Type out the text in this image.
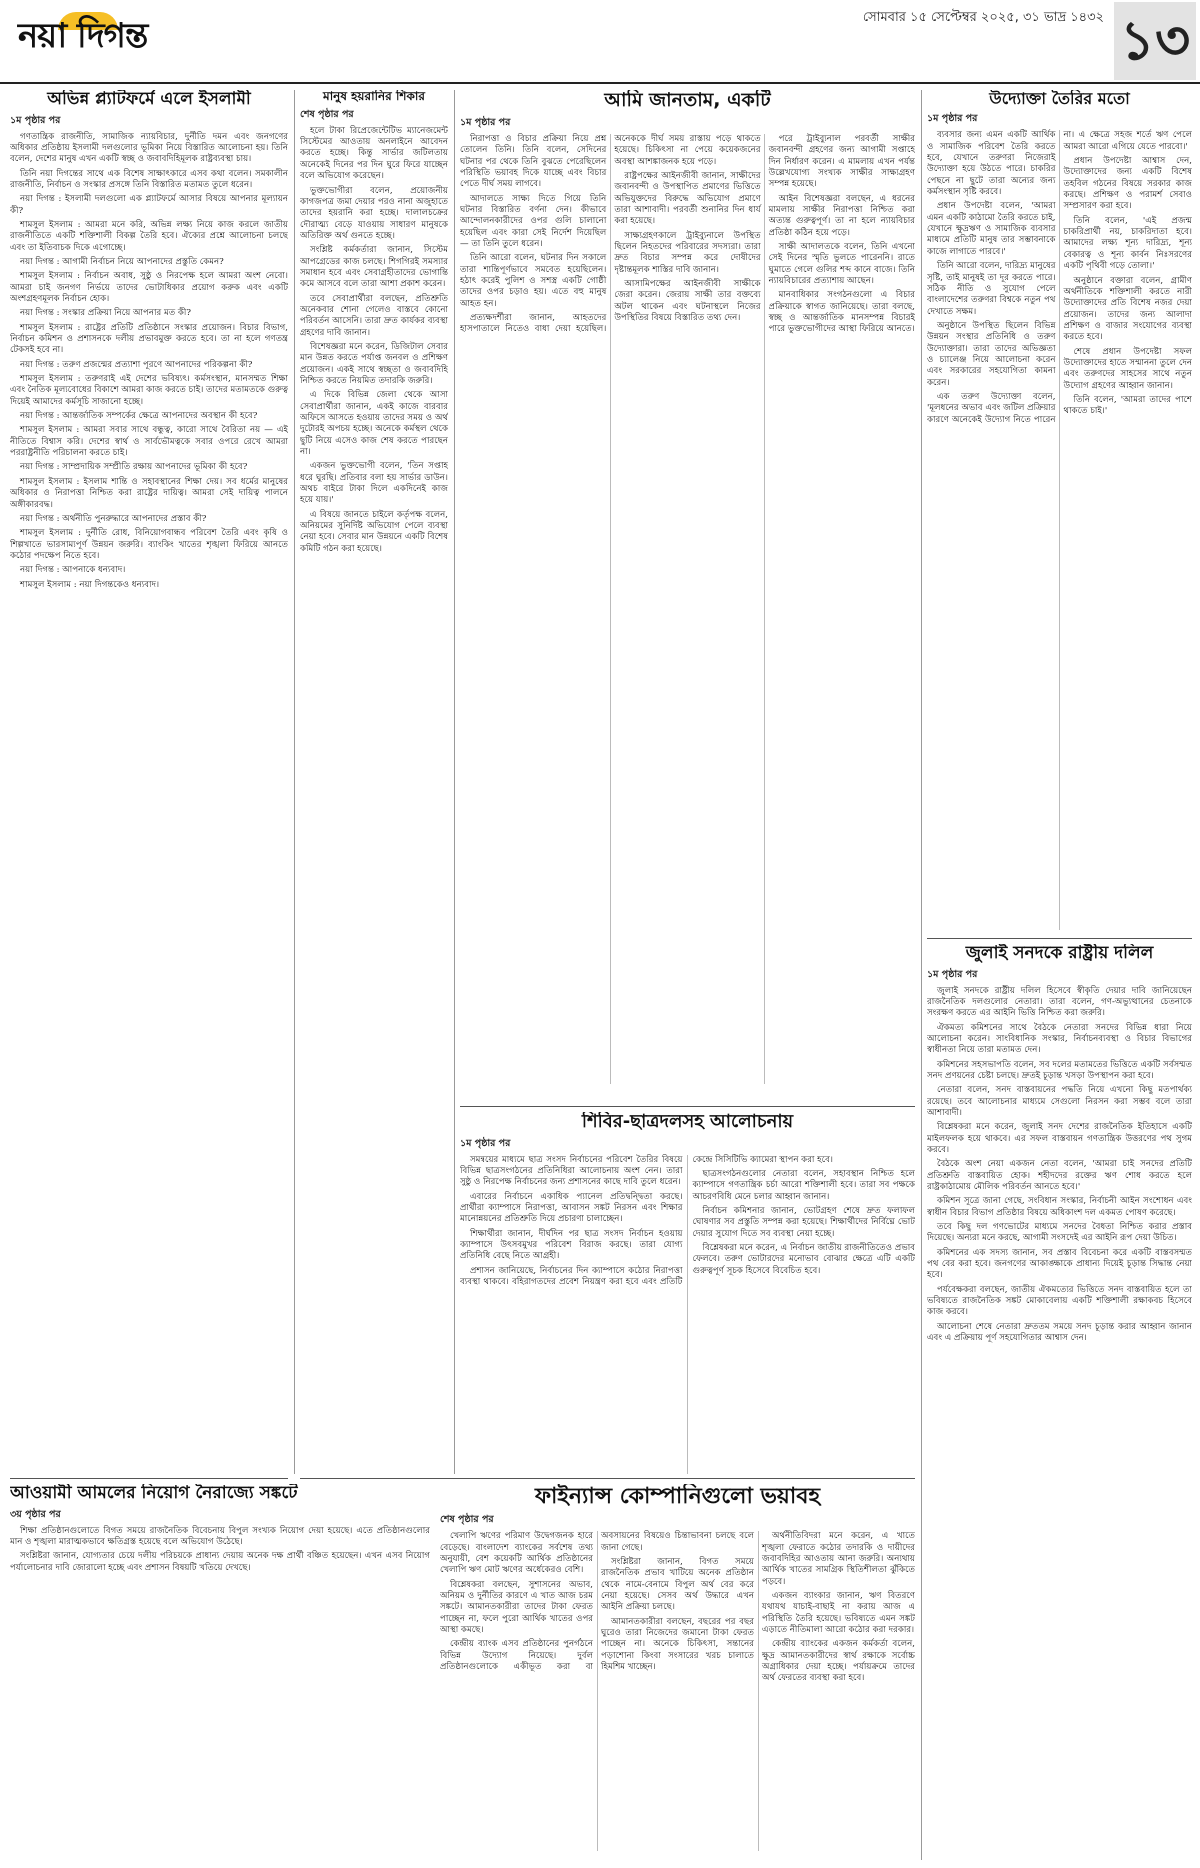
নয়া দিগন্ত	সোমবার ১৫ সেপ্টেম্বর ২০২৫, ৩১ ভাদ্র ১৪৩২ ১৩
অভিন্ন প্ল্যাটফর্মে এলে ইসলামী
১ম পৃষ্ঠার পর

গণতান্ত্রিক রাজনীতি, সামাজিক ন্যায়বিচার, দুর্নীতি দমন এবং জনগণের অধিকার প্রতিষ্ঠায় ইসলামী দলগুলোর ভূমিকা নিয়ে বিস্তারিত আলোচনা হয়। তিনি বলেন, দেশের মানুষ এখন একটি স্বচ্ছ ও জবাবদিহিমূলক রাষ্ট্রব্যবস্থা চায়।

তিনি নয়া দিগন্তের সাথে এক বিশেষ সাক্ষাৎকারে এসব কথা বলেন। সমকালীন রাজনীতি, নির্বাচন ও সংস্কার প্রসঙ্গে তিনি বিস্তারিত মতামত তুলে ধরেন।

নয়া দিগন্ত : ইসলামী দলগুলো এক প্ল্যাটফর্মে আসার বিষয়ে আপনার মূল্যায়ন কী?

শামসুল ইসলাম : আমরা মনে করি, অভিন্ন লক্ষ্য নিয়ে কাজ করলে জাতীয় রাজনীতিতে একটি শক্তিশালী বিকল্প তৈরি হবে। ঐক্যের প্রশ্নে আলোচনা চলছে এবং তা ইতিবাচক দিকে এগোচ্ছে।

নয়া দিগন্ত : আগামী নির্বাচন নিয়ে আপনাদের প্রস্তুতি কেমন?

শামসুল ইসলাম : নির্বাচন অবাধ, সুষ্ঠু ও নিরপেক্ষ হলে আমরা অংশ নেবো। আমরা চাই জনগণ নির্ভয়ে তাদের ভোটাধিকার প্রয়োগ করুক এবং একটি অংশগ্রহণমূলক নির্বাচন হোক।

নয়া দিগন্ত : সংস্কার প্রক্রিয়া নিয়ে আপনার মত কী?

শামসুল ইসলাম : রাষ্ট্রের প্রতিটি প্রতিষ্ঠানে সংস্কার প্রয়োজন। বিচার বিভাগ, নির্বাচন কমিশন ও প্রশাসনকে দলীয় প্রভাবমুক্ত করতে হবে। তা না হলে গণতন্ত্র টেকসই হবে না।

নয়া দিগন্ত : তরুণ প্রজন্মের প্রত্যাশা পূরণে আপনাদের পরিকল্পনা কী?

শামসুল ইসলাম : তরুণরাই এই দেশের ভবিষ্যৎ। কর্মসংস্থান, মানসম্মত শিক্ষা এবং নৈতিক মূল্যবোধের বিকাশে আমরা কাজ করতে চাই। তাদের মতামতকে গুরুত্ব দিয়েই আমাদের কর্মসূচি সাজানো হচ্ছে।

নয়া দিগন্ত : আন্তর্জাতিক সম্পর্কের ক্ষেত্রে আপনাদের অবস্থান কী হবে?

শামসুল ইসলাম : আমরা সবার সাথে বন্ধুত্ব, কারো সাথে বৈরিতা নয় — এই নীতিতে বিশ্বাস করি। দেশের স্বার্থ ও সার্বভৌমত্বকে সবার ওপরে রেখে আমরা পররাষ্ট্রনীতি পরিচালনা করতে চাই।

নয়া দিগন্ত : সাম্প্রদায়িক সম্প্রীতি রক্ষায় আপনাদের ভূমিকা কী হবে?

শামসুল ইসলাম : ইসলাম শান্তি ও সহাবস্থানের শিক্ষা দেয়। সব ধর্মের মানুষের অধিকার ও নিরাপত্তা নিশ্চিত করা রাষ্ট্রের দায়িত্ব। আমরা সেই দায়িত্ব পালনে অঙ্গীকারবদ্ধ।

নয়া দিগন্ত : অর্থনীতি পুনরুদ্ধারে আপনাদের প্রস্তাব কী?

শামসুল ইসলাম : দুর্নীতি রোধ, বিনিয়োগবান্ধব পরিবেশ তৈরি এবং কৃষি ও শিল্পখাতে ভারসাম্যপূর্ণ উন্নয়ন জরুরি। ব্যাংকিং খাতের শৃঙ্খলা ফিরিয়ে আনতে কঠোর পদক্ষেপ নিতে হবে।

নয়া দিগন্ত : আপনাকে ধন্যবাদ।

শামসুল ইসলাম : নয়া দিগন্তকেও ধন্যবাদ।

আওয়ামী আমলের নিয়োগ নৈরাজ্যে সঙ্কটে
৩য় পৃষ্ঠার পর

শিক্ষা প্রতিষ্ঠানগুলোতে বিগত সময়ে রাজনৈতিক বিবেচনায় বিপুল সংখ্যক নিয়োগ দেয়া হয়েছে। এতে প্রতিষ্ঠানগুলোর মান ও শৃঙ্খলা মারাত্মকভাবে ক্ষতিগ্রস্ত হয়েছে বলে অভিযোগ উঠেছে।

সংশ্লিষ্টরা জানান, যোগ্যতার চেয়ে দলীয় পরিচয়কে প্রাধান্য দেয়ায় অনেক দক্ষ প্রার্থী বঞ্চিত হয়েছেন। এখন এসব নিয়োগ পর্যালোচনার দাবি জোরালো হচ্ছে এবং প্রশাসন বিষয়টি খতিয়ে দেখছে।

মানুষ হয়রানির শিকার
শেষ পৃষ্ঠার পর

হলে টাকা রিপ্রেজেন্টেটিভ ম্যানেজমেন্ট সিস্টেমের আওতায় অনলাইনে আবেদন করতে হচ্ছে। কিন্তু সার্ভার জটিলতায় অনেকেই দিনের পর দিন ঘুরে ফিরে যাচ্ছেন বলে অভিযোগ করেছেন।

ভুক্তভোগীরা বলেন, প্রয়োজনীয় কাগজপত্র জমা দেয়ার পরও নানা অজুহাতে তাদের হয়রানি করা হচ্ছে। দালালচক্রের দৌরাত্ম্য বেড়ে যাওয়ায় সাধারণ মানুষকে অতিরিক্ত অর্থ গুনতে হচ্ছে।

সংশ্লিষ্ট কর্মকর্তারা জানান, সিস্টেম আপগ্রেডের কাজ চলছে। শিগগিরই সমস্যার সমাধান হবে এবং সেবাগ্রহীতাদের ভোগান্তি কমে আসবে বলে তারা আশা প্রকাশ করেন।

তবে সেবাপ্রার্থীরা বলছেন, প্রতিশ্রুতি অনেকবার শোনা গেলেও বাস্তবে কোনো পরিবর্তন আসেনি। তারা দ্রুত কার্যকর ব্যবস্থা গ্রহণের দাবি জানান।

বিশেষজ্ঞরা মনে করেন, ডিজিটাল সেবার মান উন্নত করতে পর্যাপ্ত জনবল ও প্রশিক্ষণ প্রয়োজন। একই সাথে স্বচ্ছতা ও জবাবদিহি নিশ্চিত করতে নিয়মিত তদারকি জরুরি।

এ দিকে বিভিন্ন জেলা থেকে আসা সেবাপ্রার্থীরা জানান, একই কাজে বারবার অফিসে আসতে হওয়ায় তাদের সময় ও অর্থ দুটোরই অপচয় হচ্ছে। অনেকে কর্মস্থল থেকে ছুটি নিয়ে এসেও কাজ শেষ করতে পারছেন না।

একজন ভুক্তভোগী বলেন, 'তিন সপ্তাহ ধরে ঘুরছি। প্রতিবার বলা হয় সার্ভার ডাউন। অথচ বাইরে টাকা দিলে একদিনেই কাজ হয়ে যায়।'

এ বিষয়ে জানতে চাইলে কর্তৃপক্ষ বলেন, অনিয়মের সুনির্দিষ্ট অভিযোগ পেলে ব্যবস্থা নেয়া হবে। সেবার মান উন্নয়নে একটি বিশেষ কমিটি গঠন করা হয়েছে।

আমি জানতাম, একটি
১ম পৃষ্ঠার পর

নিরাপত্তা ও বিচার প্রক্রিয়া নিয়ে প্রশ্ন তোলেন তিনি। তিনি বলেন, সেদিনের ঘটনার পর থেকে তিনি বুঝতে পেরেছিলেন পরিস্থিতি ভয়াবহ দিকে যাচ্ছে এবং বিচার পেতে দীর্ঘ সময় লাগবে।

আদালতে সাক্ষ্য দিতে গিয়ে তিনি ঘটনার বিস্তারিত বর্ণনা দেন। কীভাবে আন্দোলনকারীদের ওপর গুলি চালানো হয়েছিল এবং কারা সেই নির্দেশ দিয়েছিল — তা তিনি তুলে ধরেন।

তিনি আরো বলেন, ঘটনার দিন সকালে তারা শান্তিপূর্ণভাবে সমবেত হয়েছিলেন। হঠাৎ করেই পুলিশ ও সশস্ত্র একটি গোষ্ঠী তাদের ওপর চড়াও হয়। এতে বহু মানুষ আহত হন।

প্রত্যক্ষদর্শীরা জানান, আহতদের হাসপাতালে নিতেও বাধা দেয়া হয়েছিল। অনেককে দীর্ঘ সময় রাস্তায় পড়ে থাকতে হয়েছে। চিকিৎসা না পেয়ে কয়েকজনের অবস্থা আশঙ্কাজনক হয়ে পড়ে।

রাষ্ট্রপক্ষের আইনজীবী জানান, সাক্ষীদের জবানবন্দী ও উপস্থাপিত প্রমাণের ভিত্তিতে অভিযুক্তদের বিরুদ্ধে অভিযোগ প্রমাণে তারা আশাবাদী। পরবর্তী শুনানির দিন ধার্য করা হয়েছে।

সাক্ষ্যগ্রহণকালে ট্রাইব্যুনালে উপস্থিত ছিলেন নিহতদের পরিবারের সদস্যরা। তারা দ্রুত বিচার সম্পন্ন করে দোষীদের দৃষ্টান্তমূলক শাস্তির দাবি জানান।

আসামিপক্ষের আইনজীবী সাক্ষীকে জেরা করেন। জেরায় সাক্ষী তার বক্তব্যে অটল থাকেন এবং ঘটনাস্থলে নিজের উপস্থিতির বিষয়ে বিস্তারিত তথ্য দেন।

পরে ট্রাইব্যুনাল পরবর্তী সাক্ষীর জবানবন্দী গ্রহণের জন্য আগামী সপ্তাহে দিন নির্ধারণ করেন। এ মামলায় এখন পর্যন্ত উল্লেখযোগ্য সংখ্যক সাক্ষীর সাক্ষ্যগ্রহণ সম্পন্ন হয়েছে।

আইন বিশেষজ্ঞরা বলছেন, এ ধরনের মামলায় সাক্ষীর নিরাপত্তা নিশ্চিত করা অত্যন্ত গুরুত্বপূর্ণ। তা না হলে ন্যায়বিচার প্রতিষ্ঠা কঠিন হয়ে পড়ে।

সাক্ষী আদালতকে বলেন, তিনি এখনো সেই দিনের স্মৃতি ভুলতে পারেননি। রাতে ঘুমাতে গেলে গুলির শব্দ কানে বাজে। তিনি ন্যায়বিচারের প্রত্যাশায় আছেন।

মানবাধিকার সংগঠনগুলো এ বিচার প্রক্রিয়াকে স্বাগত জানিয়েছে। তারা বলছে, স্বচ্ছ ও আন্তর্জাতিক মানসম্পন্ন বিচারই পারে ভুক্তভোগীদের আস্থা ফিরিয়ে আনতে।

শিবির-ছাত্রদলসহ আলোচনায়
১ম পৃষ্ঠার পর

সমন্বয়ের মাধ্যমে ছাত্র সংসদ নির্বাচনের পরিবেশ তৈরির বিষয়ে বিভিন্ন ছাত্রসংগঠনের প্রতিনিধিরা আলোচনায় অংশ নেন। তারা সুষ্ঠু ও নিরপেক্ষ নির্বাচনের জন্য প্রশাসনের কাছে দাবি তুলে ধরেন।

এবারের নির্বাচনে একাধিক প্যানেল প্রতিদ্বন্দ্বিতা করছে। প্রার্থীরা ক্যাম্পাসে নিরাপত্তা, আবাসন সঙ্কট নিরসন এবং শিক্ষার মানোন্নয়নের প্রতিশ্রুতি দিয়ে প্রচারণা চালাচ্ছেন।

শিক্ষার্থীরা জানান, দীর্ঘদিন পর ছাত্র সংসদ নির্বাচন হওয়ায় ক্যাম্পাসে উৎসবমুখর পরিবেশ বিরাজ করছে। তারা যোগ্য প্রতিনিধি বেছে নিতে আগ্রহী।

প্রশাসন জানিয়েছে, নির্বাচনের দিন ক্যাম্পাসে কঠোর নিরাপত্তা ব্যবস্থা থাকবে। বহিরাগতদের প্রবেশ নিয়ন্ত্রণ করা হবে এবং প্রতিটি কেন্দ্রে সিসিটিভি ক্যামেরা স্থাপন করা হবে।

ছাত্রসংগঠনগুলোর নেতারা বলেন, সহাবস্থান নিশ্চিত হলে ক্যাম্পাসে গণতান্ত্রিক চর্চা আরো শক্তিশালী হবে। তারা সব পক্ষকে আচরণবিধি মেনে চলার আহ্বান জানান।

নির্বাচন কমিশনার জানান, ভোটগ্রহণ শেষে দ্রুত ফলাফল ঘোষণার সব প্রস্তুতি সম্পন্ন করা হয়েছে। শিক্ষার্থীদের নির্বিঘ্নে ভোট দেয়ার সুযোগ দিতে সব ব্যবস্থা নেয়া হচ্ছে।

বিশ্লেষকরা মনে করেন, এ নির্বাচন জাতীয় রাজনীতিতেও প্রভাব ফেলবে। তরুণ ভোটারদের মনোভাব বোঝার ক্ষেত্রে এটি একটি গুরুত্বপূর্ণ সূচক হিসেবে বিবেচিত হবে।

ফাইন্যান্স কোম্পানিগুলো ভয়াবহ
শেষ পৃষ্ঠার পর

খেলাপি ঋণের পরিমাণ উদ্বেগজনক হারে বেড়েছে। বাংলাদেশ ব্যাংকের সর্বশেষ তথ্য অনুযায়ী, বেশ কয়েকটি আর্থিক প্রতিষ্ঠানের খেলাপি ঋণ মোট ঋণের অর্ধেকেরও বেশি।

বিশ্লেষকরা বলছেন, সুশাসনের অভাব, অনিয়ম ও দুর্নীতির কারণে এ খাত আজ চরম সঙ্কটে। আমানতকারীরা তাদের টাকা ফেরত পাচ্ছেন না, ফলে পুরো আর্থিক খাতের ওপর আস্থা কমছে।

কেন্দ্রীয় ব্যাংক এসব প্রতিষ্ঠানের পুনর্গঠনে বিভিন্ন উদ্যোগ নিয়েছে। দুর্বল প্রতিষ্ঠানগুলোকে একীভূত করা বা অবসায়নের বিষয়েও চিন্তাভাবনা চলছে বলে জানা গেছে।

সংশ্লিষ্টরা জানান, বিগত সময়ে রাজনৈতিক প্রভাব খাটিয়ে অনেক প্রতিষ্ঠান থেকে নামে-বেনামে বিপুল অর্থ বের করে নেয়া হয়েছে। সেসব অর্থ উদ্ধারে এখন আইনি প্রক্রিয়া চলছে।

আমানতকারীরা বলছেন, বছরের পর বছর ঘুরেও তারা নিজেদের জমানো টাকা ফেরত পাচ্ছেন না। অনেকে চিকিৎসা, সন্তানের পড়াশোনা কিংবা সংসারের খরচ চালাতে হিমশিম খাচ্ছেন।

অর্থনীতিবিদরা মনে করেন, এ খাতে শৃঙ্খলা ফেরাতে কঠোর তদারকি ও দায়ীদের জবাবদিহির আওতায় আনা জরুরি। অন্যথায় আর্থিক খাতের সামগ্রিক স্থিতিশীলতা ঝুঁকিতে পড়বে।

একজন ব্যাংকার জানান, ঋণ বিতরণে যথাযথ যাচাই-বাছাই না করায় আজ এ পরিস্থিতি তৈরি হয়েছে। ভবিষ্যতে এমন সঙ্কট এড়াতে নীতিমালা আরো কঠোর করা দরকার।

কেন্দ্রীয় ব্যাংকের একজন কর্মকর্তা বলেন, ক্ষুদ্র আমানতকারীদের স্বার্থ রক্ষাকে সর্বোচ্চ অগ্রাধিকার দেয়া হচ্ছে। পর্যায়ক্রমে তাদের অর্থ ফেরতের ব্যবস্থা করা হবে।

উদ্যোক্তা তৈরির মতো
১ম পৃষ্ঠার পর

ব্যবসার জন্য এমন একটি আর্থিক ও সামাজিক পরিবেশ তৈরি করতে হবে, যেখানে তরুণরা নিজেরাই উদ্যোক্তা হয়ে উঠতে পারে। চাকরির পেছনে না ছুটে তারা অন্যের জন্য কর্মসংস্থান সৃষ্টি করবে।

প্রধান উপদেষ্টা বলেন, 'আমরা এমন একটি কাঠামো তৈরি করতে চাই, যেখানে ক্ষুদ্রঋণ ও সামাজিক ব্যবসার মাধ্যমে প্রতিটি মানুষ তার সম্ভাবনাকে কাজে লাগাতে পারবে।'

তিনি আরো বলেন, দারিদ্র্য মানুষের সৃষ্টি, তাই মানুষই তা দূর করতে পারে। সঠিক নীতি ও সুযোগ পেলে বাংলাদেশের তরুণরা বিশ্বকে নতুন পথ দেখাতে সক্ষম।

অনুষ্ঠানে উপস্থিত ছিলেন বিভিন্ন উন্নয়ন সংস্থার প্রতিনিধি ও তরুণ উদ্যোক্তারা। তারা তাদের অভিজ্ঞতা ও চ্যালেঞ্জ নিয়ে আলোচনা করেন এবং সরকারের সহযোগিতা কামনা করেন।

এক তরুণ উদ্যোক্তা বলেন, 'মূলধনের অভাব এবং জটিল প্রক্রিয়ার কারণে অনেকেই উদ্যোগ নিতে পারেন না। এ ক্ষেত্রে সহজ শর্তে ঋণ পেলে আমরা আরো এগিয়ে যেতে পারবো।'

প্রধান উপদেষ্টা আশ্বাস দেন, উদ্যোক্তাদের জন্য একটি বিশেষ তহবিল গঠনের বিষয়ে সরকার কাজ করছে। প্রশিক্ষণ ও পরামর্শ সেবাও সম্প্রসারণ করা হবে।

তিনি বলেন, 'এই প্রজন্ম চাকরিপ্রার্থী নয়, চাকরিদাতা হবে। আমাদের লক্ষ্য শূন্য দারিদ্র্য, শূন্য বেকারত্ব ও শূন্য কার্বন নিঃসরণের একটি পৃথিবী গড়ে তোলা।'

অনুষ্ঠানে বক্তারা বলেন, গ্রামীণ অর্থনীতিকে শক্তিশালী করতে নারী উদ্যোক্তাদের প্রতি বিশেষ নজর দেয়া প্রয়োজন। তাদের জন্য আলাদা প্রশিক্ষণ ও বাজার সংযোগের ব্যবস্থা করতে হবে।

শেষে প্রধান উপদেষ্টা সফল উদ্যোক্তাদের হাতে সম্মাননা তুলে দেন এবং তরুণদের সাহসের সাথে নতুন উদ্যোগ গ্রহণের আহ্বান জানান।

তিনি বলেন, 'আমরা তাদের পাশে থাকতে চাই।'

জুলাই সনদকে রাষ্ট্রীয় দলিল
১ম পৃষ্ঠার পর

জুলাই সনদকে রাষ্ট্রীয় দলিল হিসেবে স্বীকৃতি দেয়ার দাবি জানিয়েছেন রাজনৈতিক দলগুলোর নেতারা। তারা বলেন, গণ-অভ্যুত্থানের চেতনাকে সংরক্ষণ করতে এর আইনি ভিত্তি নিশ্চিত করা জরুরি।

ঐকমত্য কমিশনের সাথে বৈঠকে নেতারা সনদের বিভিন্ন ধারা নিয়ে আলোচনা করেন। সাংবিধানিক সংস্কার, নির্বাচনব্যবস্থা ও বিচার বিভাগের স্বাধীনতা নিয়ে তারা মতামত দেন।

কমিশনের সহসভাপতি বলেন, সব দলের মতামতের ভিত্তিতে একটি সর্বসম্মত সনদ প্রণয়নের চেষ্টা চলছে। দ্রুতই চূড়ান্ত খসড়া উপস্থাপন করা হবে।

নেতারা বলেন, সনদ বাস্তবায়নের পদ্ধতি নিয়ে এখনো কিছু মতপার্থক্য রয়েছে। তবে আলোচনার মাধ্যমে সেগুলো নিরসন করা সম্ভব বলে তারা আশাবাদী।

বিশ্লেষকরা মনে করেন, জুলাই সনদ দেশের রাজনৈতিক ইতিহাসে একটি মাইলফলক হয়ে থাকবে। এর সফল বাস্তবায়ন গণতান্ত্রিক উত্তরণের পথ সুগম করবে।

বৈঠকে অংশ নেয়া একজন নেতা বলেন, 'আমরা চাই সনদের প্রতিটি প্রতিশ্রুতি বাস্তবায়িত হোক। শহীদদের রক্তের ঋণ শোধ করতে হলে রাষ্ট্রকাঠামোয় মৌলিক পরিবর্তন আনতে হবে।'

কমিশন সূত্রে জানা গেছে, সংবিধান সংস্কার, নির্বাচনী আইন সংশোধন এবং স্বাধীন বিচার বিভাগ প্রতিষ্ঠার বিষয়ে অধিকাংশ দল একমত পোষণ করেছে।

তবে কিছু দল গণভোটের মাধ্যমে সনদের বৈধতা নিশ্চিত করার প্রস্তাব দিয়েছে। অন্যরা মনে করছে, আগামী সংসদেই এর আইনি রূপ দেয়া উচিত।

কমিশনের এক সদস্য জানান, সব প্রস্তাব বিবেচনা করে একটি বাস্তবসম্মত পথ বের করা হবে। জনগণের আকাঙ্ক্ষাকে প্রাধান্য দিয়েই চূড়ান্ত সিদ্ধান্ত নেয়া হবে।

পর্যবেক্ষকরা বলছেন, জাতীয় ঐকমত্যের ভিত্তিতে সনদ বাস্তবায়িত হলে তা ভবিষ্যতে রাজনৈতিক সঙ্কট মোকাবেলায় একটি শক্তিশালী রক্ষাকবচ হিসেবে কাজ করবে।

আলোচনা শেষে নেতারা দ্রুততম সময়ে সনদ চূড়ান্ত করার আহ্বান জানান এবং এ প্রক্রিয়ায় পূর্ণ সহযোগিতার আশ্বাস দেন।
